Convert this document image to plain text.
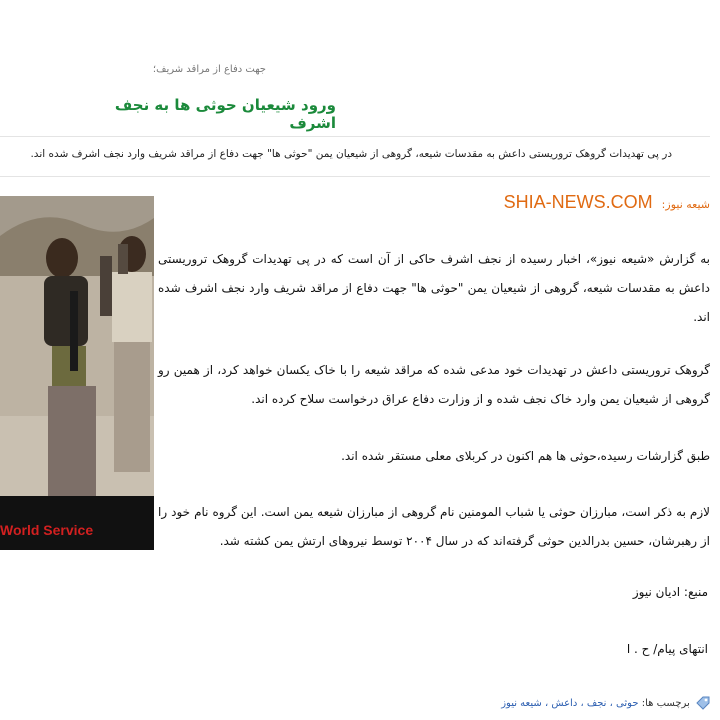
جهت دفاع از مراقد شریف؛
ورود شیعیان حوثی ها به نجف اشرف
در پی تهدیدات گروهک تروریستی داعش به مقدسات شیعه، گروهی از شیعیان یمن "حوثی ها" جهت دفاع از مراقد شریف وارد نجف اشرف شده اند.
World Service
شیعه نیوز: SHIA-NEWS.COM

به گزارش «شیعه نیوز»، اخبار رسیده از نجف اشرف حاکی از آن است که در پی تهدیدات گروهک تروریستی داعش به مقدسات شیعه، گروهی از شیعیان یمن "حوثی ها" جهت دفاع از مراقد شریف وارد نجف اشرف شده اند.

گروهک تروریستی داعش در تهدیدات خود مدعی شده که مراقد شیعه را با خاک یکسان خواهد کرد، از همین رو گروهی از شیعیان یمن وارد خاک نجف شده و از وزارت دفاع عراق درخواست سلاح کرده اند.

طبق گزارشات رسیده،حوثی ها هم اکنون در کربلای معلی مستقر شده اند.

لازم به ذکر است، مبارزان حوثی یا شباب المومنین نام گروهی از مبارزان شیعه یمن است. این گروه نام خود را از رهبرشان، حسین بدرالدین حوثی گرفته‌اند که در سال ۲۰۰۴ توسط نیروهای ارتش یمن کشته شد.

منبع: ادیان نیوز
انتهای پیام/ ح . ا
برچسب ها: حوثی ، نجف ، داعش ، شیعه نیوز
